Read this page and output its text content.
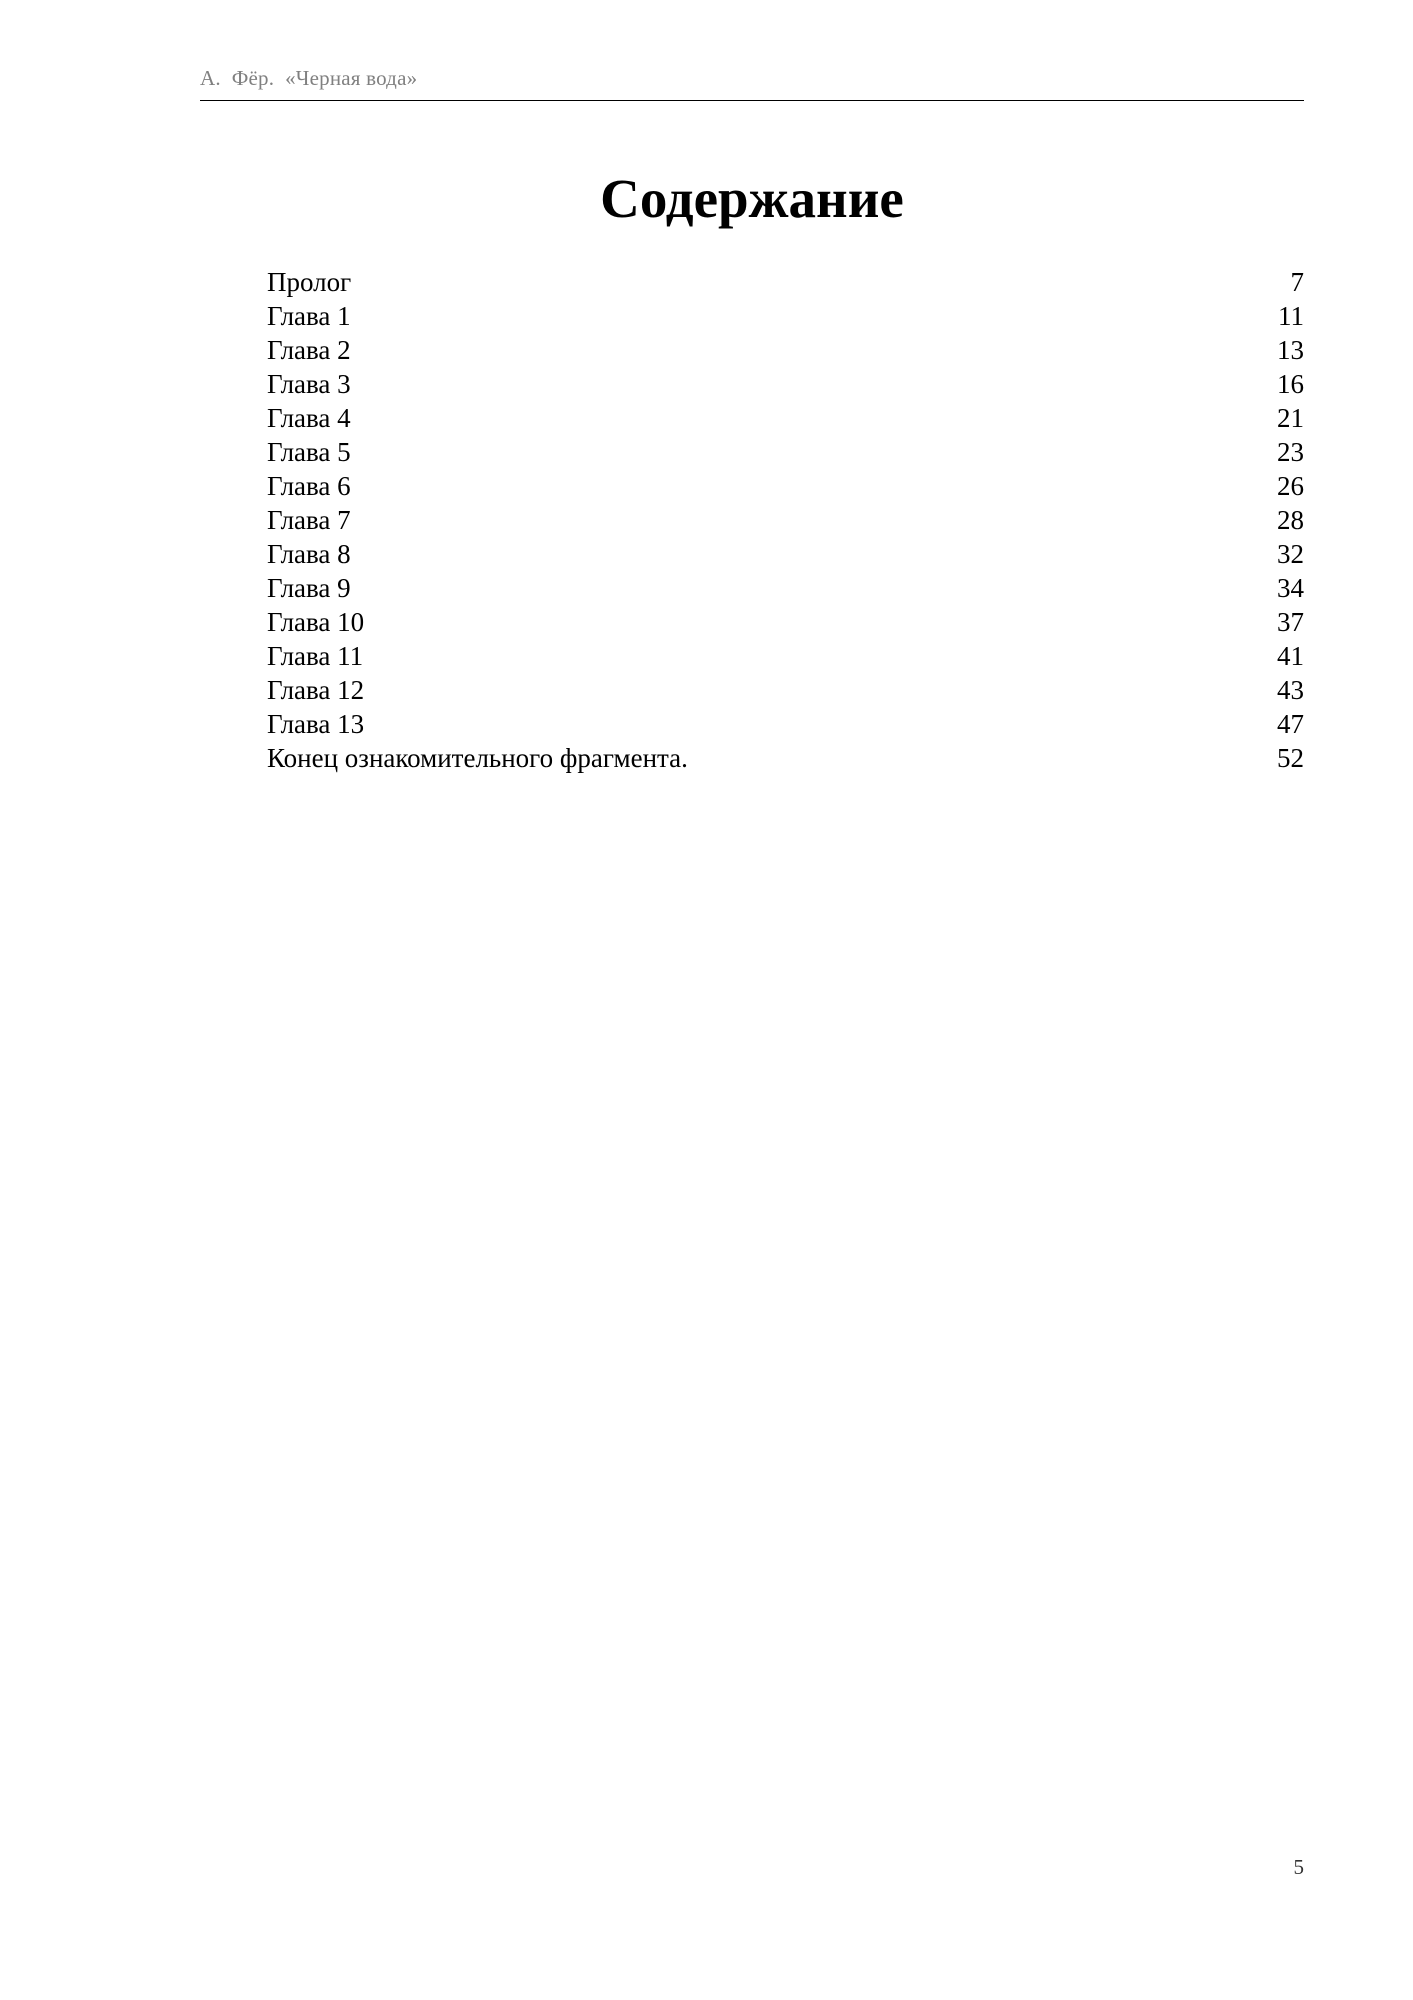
А.  Фёр.  «Черная вода»
Содержание
Пролог	7
Глава 1	11
Глава 2	13
Глава 3	16
Глава 4	21
Глава 5	23
Глава 6	26
Глава 7	28
Глава 8	32
Глава 9	34
Глава 10	37
Глава 11	41
Глава 12	43
Глава 13	47
Конец ознакомительного фрагмента.	52
5
